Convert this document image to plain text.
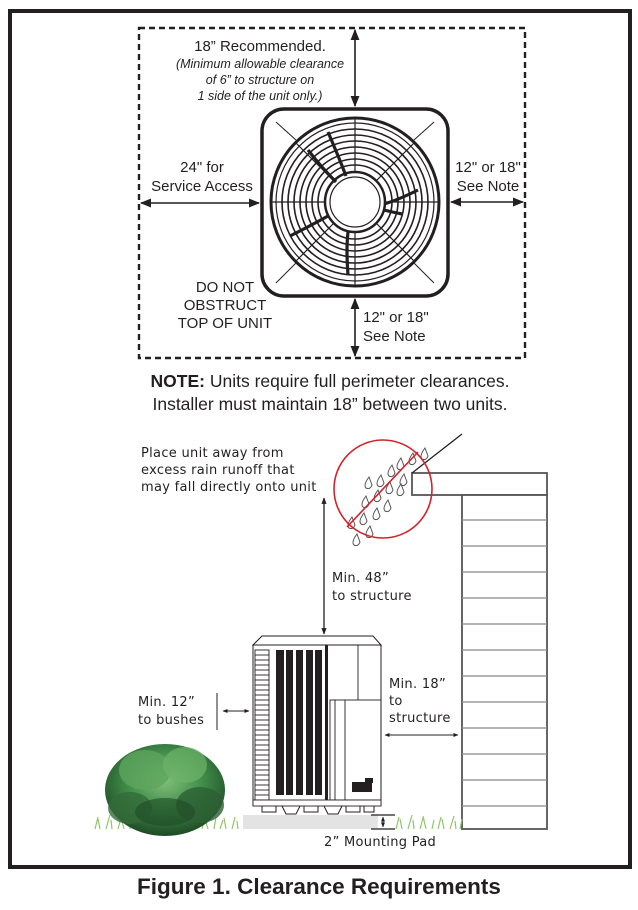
18” Recommended.
(Minimum allowable clearance
of 6” to structure on
1 side of the unit only.)
24" for
Service Access
12" or 18"
See Note
12" or 18"
See Note
DO NOT
OBSTRUCT
TOP OF UNIT
NOTE: Units require full perimeter clearances.
Installer must maintain 18” between two units.
Place unit away from
excess rain runoff that
may fall directly onto unit
Min. 48”
to structure
Min. 12”
to bushes
Min. 18”
to
structure
2” Mounting Pad
Figure 1. Clearance Requirements
